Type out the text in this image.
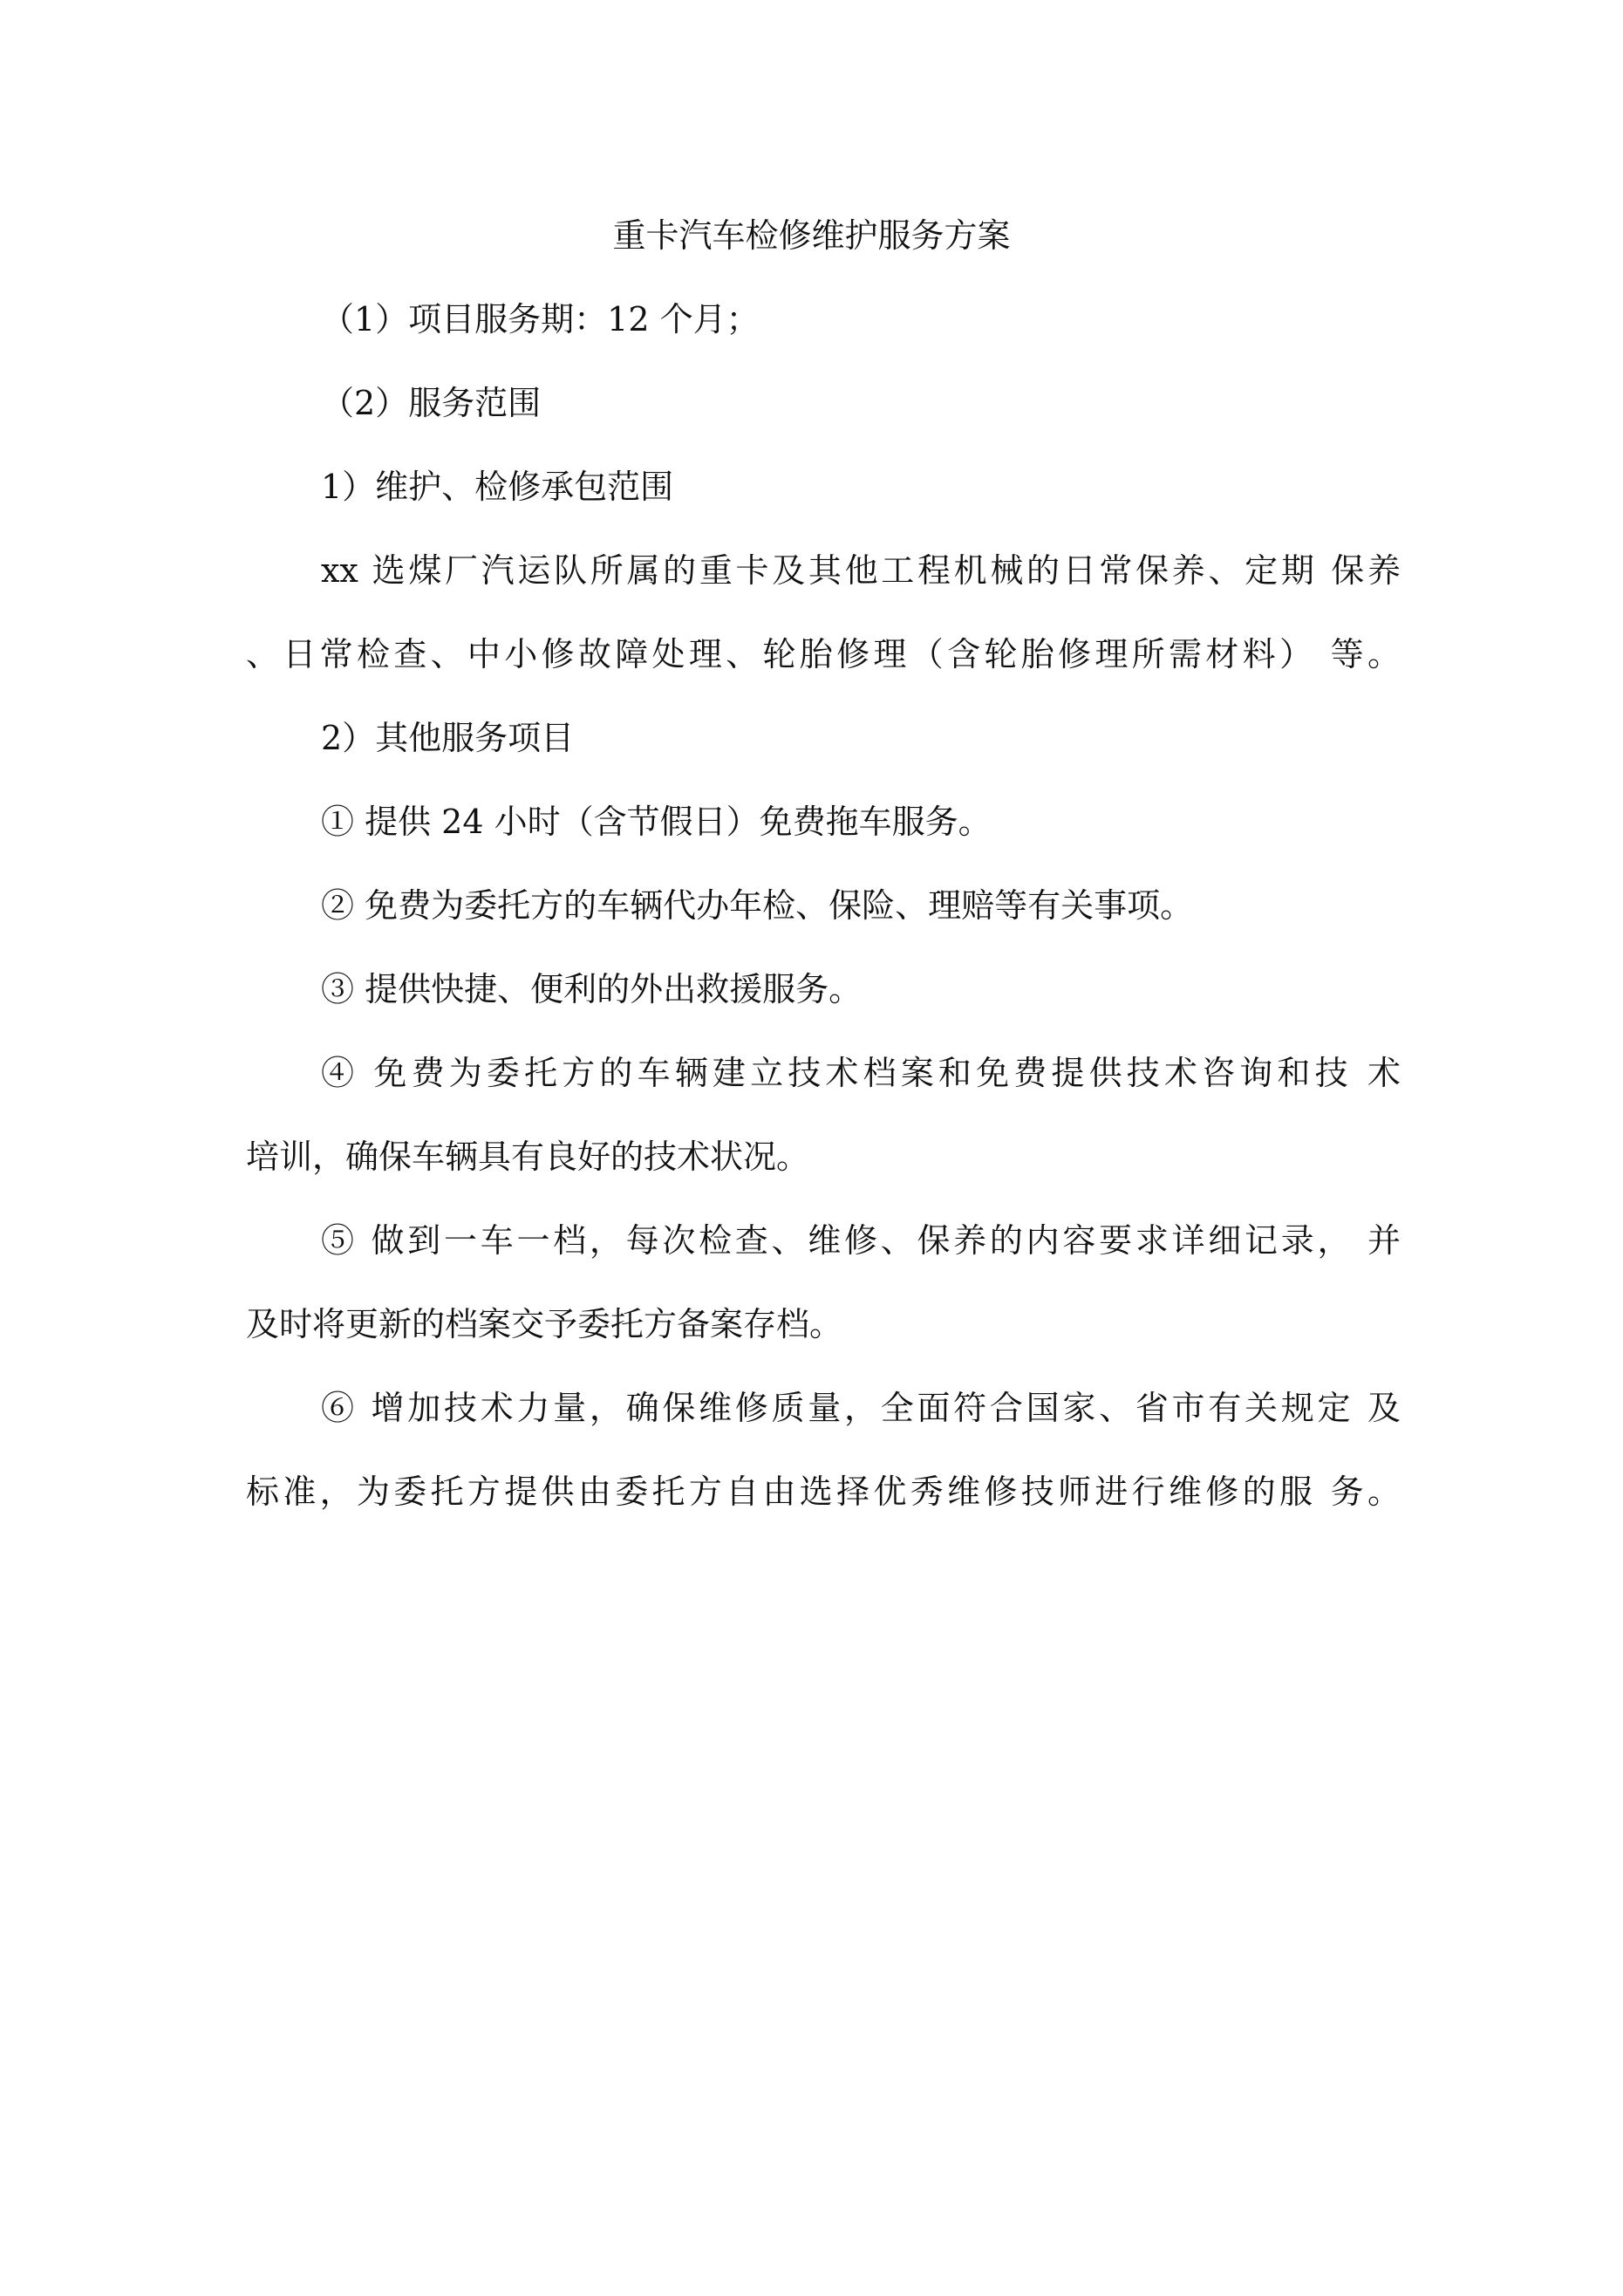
重卡汽车检修维护服务方案

（1）项目服务期：12 个月；

（2）服务范围

1）维护、检修承包范围

xx 选煤厂汽运队所属的重卡及其他工程机械的日常保养、定期 保养

、日常检查、中小修故障处理、轮胎修理（含轮胎修理所需材料） 等。

2）其他服务项目

① 提供 24 小时（含节假日）免费拖车服务。

② 免费为委托方的车辆代办年检、保险、理赔等有关事项。

③ 提供快捷、便利的外出救援服务。

④ 免费为委托方的车辆建立技术档案和免费提供技术咨询和技 术

培训，确保车辆具有良好的技术状况。

⑤ 做到一车一档，每次检查、维修、保养的内容要求详细记录， 并

及时将更新的档案交予委托方备案存档。

⑥ 增加技术力量，确保维修质量，全面符合国家、省市有关规定 及

标准，为委托方提供由委托方自由选择优秀维修技师进行维修的服 务。
